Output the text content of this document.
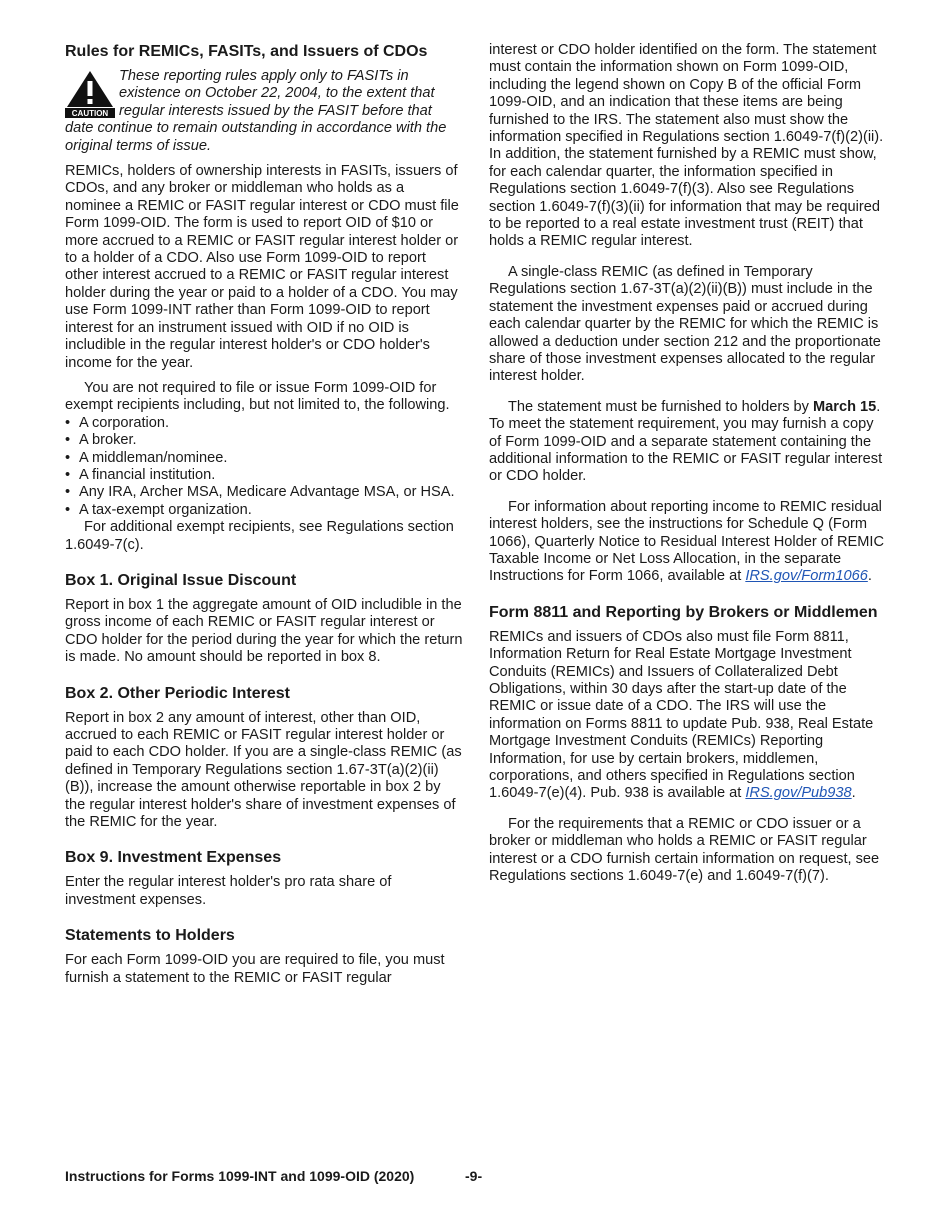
Rules for REMICs, FASITs, and Issuers of CDOs
CAUTION
These reporting rules apply only to FASITs in existence on October 22, 2004, to the extent that regular interests issued by the FASIT before that date continue to remain outstanding in accordance with the original terms of issue.

REMICs, holders of ownership interests in FASITs, issuers of CDOs, and any broker or middleman who holds as a nominee a REMIC or FASIT regular interest or CDO must file Form 1099-OID. The form is used to report OID of $10 or more accrued to a REMIC or FASIT regular interest holder or to a holder of a CDO. Also use Form 1099-OID to report other interest accrued to a REMIC or FASIT regular interest holder during the year or paid to a holder of a CDO. You may use Form 1099-INT rather than Form 1099-OID to report interest for an instrument issued with OID if no OID is includible in the regular interest holder's or CDO holder's income for the year.

You are not required to file or issue Form 1099-OID for exempt recipients including, but not limited to, the following.

• A corporation.
• A broker.
• A middleman/nominee.
• A financial institution.
• Any IRA, Archer MSA, Medicare Advantage MSA, or HSA.
• A tax-exempt organization.

For additional exempt recipients, see Regulations section 1.6049-7(c).

Box 1. Original Issue Discount

Report in box 1 the aggregate amount of OID includible in the gross income of each REMIC or FASIT regular interest or CDO holder for the period during the year for which the return is made. No amount should be reported in box 8.

Box 2. Other Periodic Interest

Report in box 2 any amount of interest, other than OID, accrued to each REMIC or FASIT regular interest holder or paid to each CDO holder. If you are a single-class REMIC (as defined in Temporary Regulations section 1.67-3T(a)(2)(ii)(B)), increase the amount otherwise reportable in box 2 by the regular interest holder's share of investment expenses of the REMIC for the year.

Box 9. Investment Expenses

Enter the regular interest holder's pro rata share of investment expenses.

Statements to Holders

For each Form 1099-OID you are required to file, you must furnish a statement to the REMIC or FASIT regular

interest or CDO holder identified on the form. The statement must contain the information shown on Form 1099-OID, including the legend shown on Copy B of the official Form 1099-OID, and an indication that these items are being furnished to the IRS. The statement also must show the information specified in Regulations section 1.6049-7(f)(2)(ii). In addition, the statement furnished by a REMIC must show, for each calendar quarter, the information specified in Regulations section 1.6049-7(f)(3). Also see Regulations section 1.6049-7(f)(3)(ii) for information that may be required to be reported to a real estate investment trust (REIT) that holds a REMIC regular interest.

A single-class REMIC (as defined in Temporary Regulations section 1.67-3T(a)(2)(ii)(B)) must include in the statement the investment expenses paid or accrued during each calendar quarter by the REMIC for which the REMIC is allowed a deduction under section 212 and the proportionate share of those investment expenses allocated to the regular interest holder.

The statement must be furnished to holders by March 15. To meet the statement requirement, you may furnish a copy of Form 1099-OID and a separate statement containing the additional information to the REMIC or FASIT regular interest or CDO holder.

For information about reporting income to REMIC residual interest holders, see the instructions for Schedule Q (Form 1066), Quarterly Notice to Residual Interest Holder of REMIC Taxable Income or Net Loss Allocation, in the separate Instructions for Form 1066, available at IRS.gov/Form1066.

Form 8811 and Reporting by Brokers or Middlemen

REMICs and issuers of CDOs also must file Form 8811, Information Return for Real Estate Mortgage Investment Conduits (REMICs) and Issuers of Collateralized Debt Obligations, within 30 days after the start-up date of the REMIC or issue date of a CDO. The IRS will use the information on Forms 8811 to update Pub. 938, Real Estate Mortgage Investment Conduits (REMICs) Reporting Information, for use by certain brokers, middlemen, corporations, and others specified in Regulations section 1.6049-7(e)(4). Pub. 938 is available at IRS.gov/Pub938.

For the requirements that a REMIC or CDO issuer or a broker or middleman who holds a REMIC or FASIT regular interest or a CDO furnish certain information on request, see Regulations sections 1.6049-7(e) and 1.6049-7(f)(7).

Instructions for Forms 1099-INT and 1099-OID (2020)	-9-
